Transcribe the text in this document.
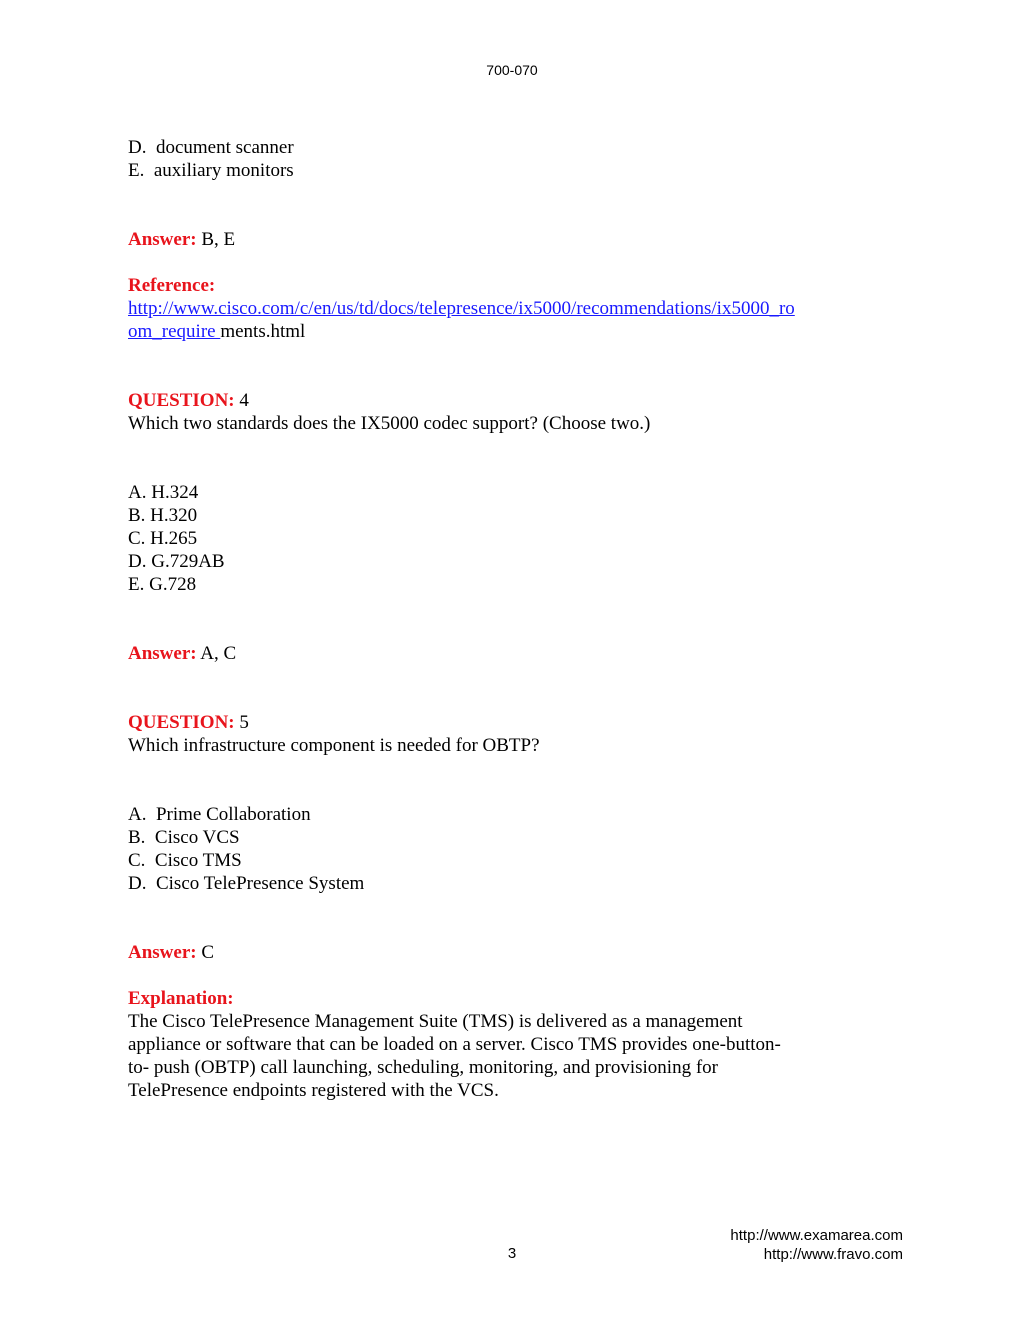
700-070
D.  document scanner
E.  auxiliary monitors
Answer: B, E
Reference:
http://www.cisco.com/c/en/us/td/docs/telepresence/ix5000/recommendations/ix5000_ro
om_require ments.html
QUESTION: 4
Which two standards does the IX5000 codec support? (Choose two.)
A. H.324
B. H.320
C. H.265
D. G.729AB
E. G.728
Answer: A, C
QUESTION: 5
Which infrastructure component is needed for OBTP?
A.  Prime Collaboration
B.  Cisco VCS
C.  Cisco TMS
D.  Cisco TelePresence System
Answer: C
Explanation:
The Cisco TelePresence Management Suite (TMS) is delivered as a management
appliance or software that can be loaded on a server. Cisco TMS provides one-button-
to- push (OBTP) call launching, scheduling, monitoring, and provisioning for
TelePresence endpoints registered with the VCS.
http://www.examarea.com
http://www.fravo.com
3
